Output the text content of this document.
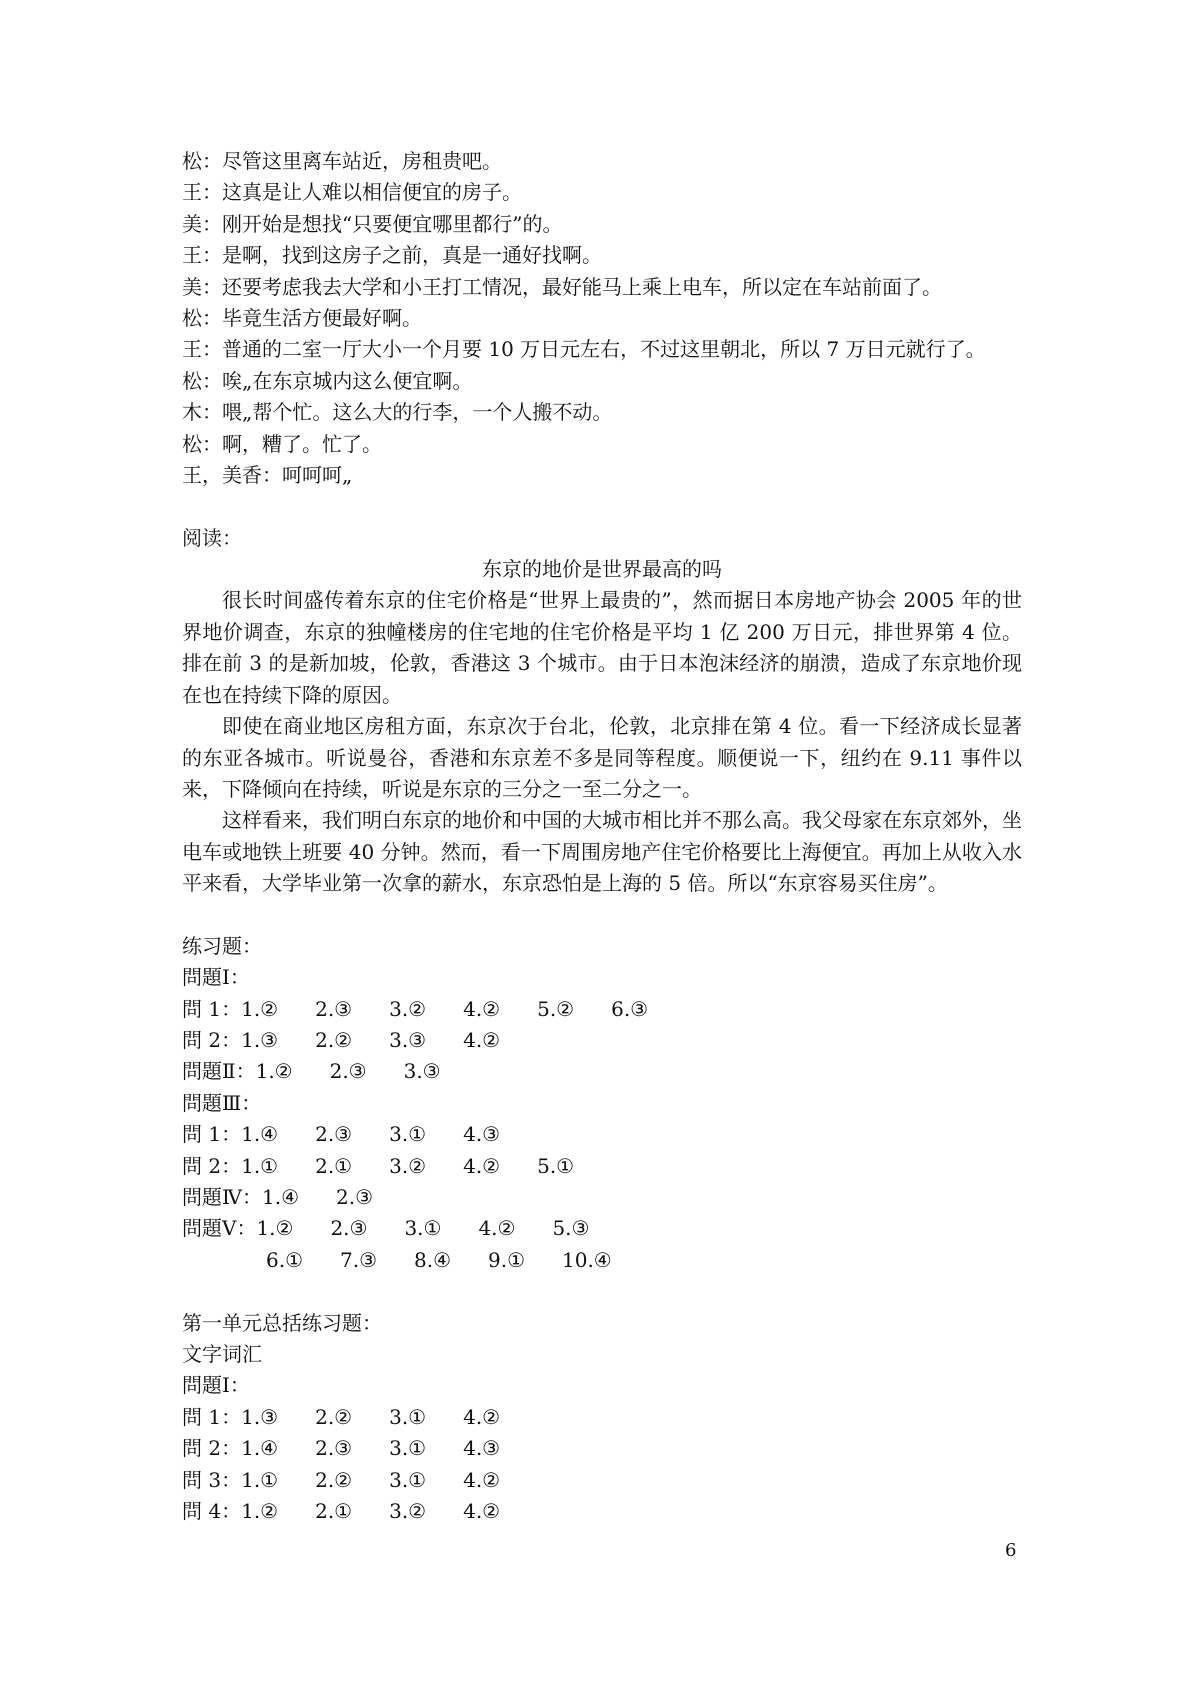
松：尽管这里离车站近，房租贵吧。
王：这真是让人难以相信便宜的房子。
美：刚开始是想找“只要便宜哪里都行”的。
王：是啊，找到这房子之前，真是一通好找啊。
美：还要考虑我去大学和小王打工情况，最好能马上乘上电车，所以定在车站前面了。
松：毕竟生活方便最好啊。
王：普通的二室一厅大小一个月要 10 万日元左右，不过这里朝北，所以 7 万日元就行了。
松：唉„在东京城内这么便宜啊。
木：喂„帮个忙。这么大的行李，一个人搬不动。
松：啊，糟了。忙了。
王，美香：呵呵呵„
阅读：
东京的地价是世界最高的吗

很长时间盛传着东京的住宅价格是“世界上最贵的”，然而据日本房地产协会 2005 年的世界地价调查，东京的独幢楼房的住宅地的住宅价格是平均 1 亿 200 万日元，排世界第 4 位。排在前 3 的是新加坡，伦敦，香港这 3 个城市。由于日本泡沫经济的崩溃，造成了东京地价现在也在持续下降的原因。

即使在商业地区房租方面，东京次于台北，伦敦，北京排在第 4 位。看一下经济成长显著的东亚各城市。听说曼谷，香港和东京差不多是同等程度。顺便说一下，纽约在 9.11 事件以来，下降倾向在持续，听说是东京的三分之一至二分之一。

这样看来，我们明白东京的地价和中国的大城市相比并不那么高。我父母家在东京郊外，坐电车或地铁上班要 40 分钟。然而，看一下周围房地产住宅价格要比上海便宜。再加上从收入水平来看，大学毕业第一次拿的薪水，东京恐怕是上海的 5 倍。所以“东京容易买住房”。

练习题：
問題Ⅰ：
問 1：1.② 2.③ 3.② 4.② 5.② 6.③
問 2：1.③ 2.② 3.③ 4.②
問題Ⅱ：1.② 2.③ 3.③
問題Ⅲ：
問 1：1.④ 2.③ 3.① 4.③
問 2：1.① 2.① 3.② 4.② 5.①
問題Ⅳ：1.④ 2.③
問題Ⅴ：1.② 2.③ 3.① 4.② 5.③
6.① 7.③ 8.④ 9.① 10.④
第一单元总括练习题：
文字词汇
問題Ⅰ：
問 1：1.③ 2.② 3.① 4.②
問 2：1.④ 2.③ 3.① 4.③
問 3：1.① 2.② 3.① 4.②
問 4：1.② 2.① 3.② 4.②
6
